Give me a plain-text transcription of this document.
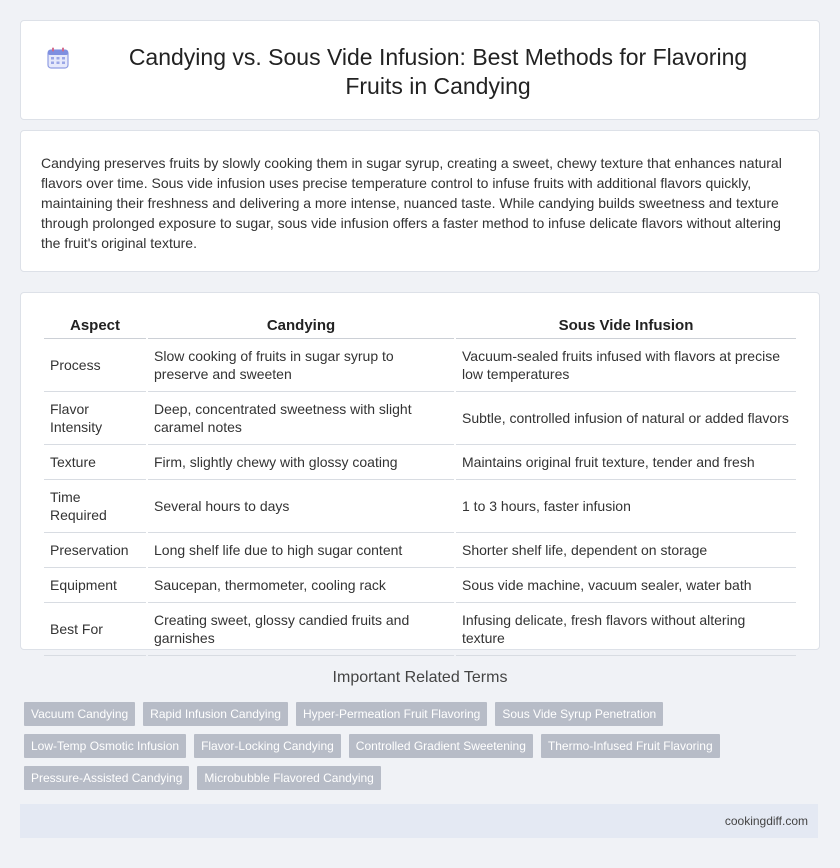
Candying vs. Sous Vide Infusion: Best Methods for Flavoring Fruits in Candying

Candying preserves fruits by slowly cooking them in sugar syrup, creating a sweet, chewy texture that enhances natural flavors over time. Sous vide infusion uses precise temperature control to infuse fruits with additional flavors quickly, maintaining their freshness and delivering a more intense, nuanced taste. While candying builds sweetness and texture through prolonged exposure to sugar, sous vide infusion offers a faster method to infuse delicate flavors without altering the fruit's original texture.

Aspect	Candying	Sous Vide Infusion
Process	Slow cooking of fruits in sugar syrup to preserve and sweeten	Vacuum-sealed fruits infused with flavors at precise low temperatures
Flavor Intensity	Deep, concentrated sweetness with slight caramel notes	Subtle, controlled infusion of natural or added flavors
Texture	Firm, slightly chewy with glossy coating	Maintains original fruit texture, tender and fresh
Time Required	Several hours to days	1 to 3 hours, faster infusion
Preservation	Long shelf life due to high sugar content	Shorter shelf life, dependent on storage
Equipment	Saucepan, thermometer, cooling rack	Sous vide machine, vacuum sealer, water bath
Best For	Creating sweet, glossy candied fruits and garnishes	Infusing delicate, fresh flavors without altering texture
Important Related Terms
Vacuum Candying	Rapid Infusion Candying	Hyper-Permeation Fruit Flavoring	Sous Vide Syrup Penetration
Low-Temp Osmotic Infusion	Flavor-Locking Candying	Controlled Gradient Sweetening	Thermo-Infused Fruit Flavoring
Pressure-Assisted Candying	Microbubble Flavored Candying
cookingdiff.com
